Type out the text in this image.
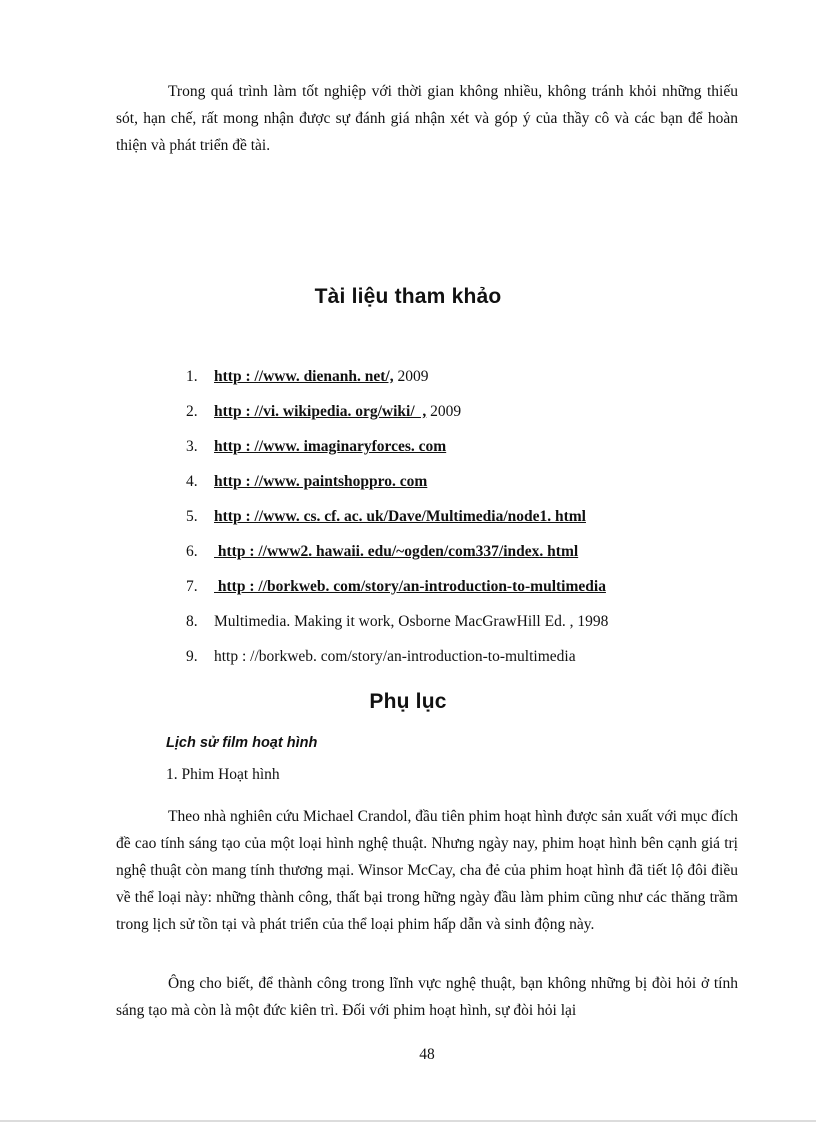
Trong quá trình làm tốt nghiệp với thời gian không nhiều, không tránh khỏi những thiếu sót, hạn chế, rất mong nhận được sự đánh giá nhận xét và góp ý của thầy cô và các bạn để hoàn thiện và phát triển đề tài.

Tài liệu tham khảo
1.	http : //www. dienanh. net/, 2009
2.	http : //vi. wikipedia. org/wiki/  , 2009
3.	http : //www. imaginaryforces. com
4.	http : //www. paintshoppro. com
5.	http : //www. cs. cf. ac. uk/Dave/Multimedia/node1. html
6.	http : //www2. hawaii. edu/~ogden/com337/index. html
7.	http : //borkweb. com/story/an-introduction-to-multimedia
8.	Multimedia. Making it work, Osborne MacGrawHill Ed. , 1998
9.	http : //borkweb. com/story/an-introduction-to-multimedia
Phụ lục

Lịch sử film hoạt hình

1. Phim Hoạt hình

Theo nhà nghiên cứu Michael Crandol, đầu tiên phim hoạt hình được sản xuất với mục đích đề cao tính sáng tạo của một loại hình nghệ thuật. Nhưng ngày nay, phim hoạt hình bên cạnh giá trị nghệ thuật còn mang tính thương mại. Winsor McCay, cha đẻ của phim hoạt hình đã tiết lộ đôi điều về thể loại này: những thành công, thất bại trong hững ngày đầu làm phim cũng như các thăng trầm trong lịch sử tồn tại và phát triển của thể loại phim hấp dẫn và sinh động này.

Ông cho biết, để thành công trong lĩnh vực nghệ thuật, bạn không những bị đòi hỏi ở tính sáng tạo mà còn là một đức kiên trì. Đối với phim hoạt hình, sự đòi hỏi lại

48
